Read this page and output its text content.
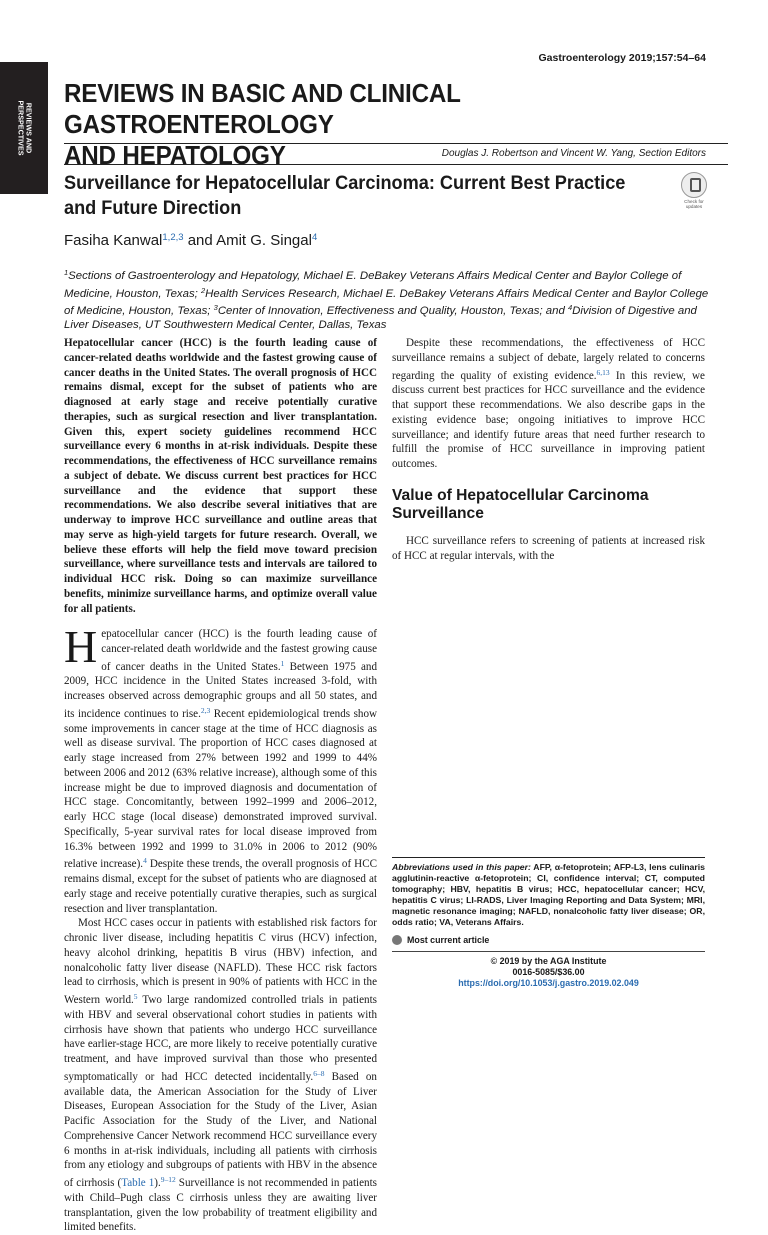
REVIEWS AND
PERSPECTIVES
Gastroenterology 2019;157:54–64
REVIEWS IN BASIC AND CLINICAL GASTROENTEROLOGY
AND HEPATOLOGY	Douglas J. Robertson and Vincent W. Yang, Section Editors
Surveillance for Hepatocellular Carcinoma: Current Best Practice
and Future Direction	Check for updates
Fasiha Kanwal$^{1,2,3}$ and Amit G. Singal$^4$
$^1$Sections of Gastroenterology and Hepatology, Michael E. DeBakey Veterans Affairs Medical Center and Baylor College of Medicine, Houston, Texas; $^2$Health Services Research, Michael E. DeBakey Veterans Affairs Medical Center and Baylor College of Medicine, Houston, Texas; $^3$Center of Innovation, Effectiveness and Quality, Houston, Texas; and $^4$Division of Digestive and Liver Diseases, UT Southwestern Medical Center, Dallas, Texas

Hepatocellular cancer (HCC) is the fourth leading cause of cancer-related deaths worldwide and the fastest growing cause of cancer deaths in the United States. The overall prognosis of HCC remains dismal, except for the subset of patients who are diagnosed at early stage and receive potentially curative therapies, such as surgical resection and liver transplantation. Given this, expert society guidelines recommend HCC surveillance every 6 months in at-risk individuals. Despite these recommendations, the effectiveness of HCC surveillance remains a subject of debate. We discuss current best practices for HCC surveillance and the evidence that support these recommendations. We also describe several initiatives that are underway to improve HCC surveillance and outline areas that may serve as high-yield targets for future research. Overall, we believe these efforts will help the field move toward precision surveillance, where surveillance tests and intervals are tailored to individual HCC risk. Doing so can maximize surveillance benefits, minimize surveillance harms, and optimize overall value for all patients.

H epatocellular cancer (HCC) is the fourth leading cause of cancer-related death worldwide and the fastest growing cause of cancer deaths in the United States.$^1$ Between 1975 and 2009, HCC incidence in the United States increased 3-fold, with increases observed across demographic groups and all 50 states, and its incidence continues to rise.$^{2,3}$ Recent epidemiological trends show some improvements in cancer stage at the time of HCC diagnosis as well as disease survival. The proportion of HCC cases diagnosed at early stage increased from 27% between 1992 and 1999 to 44% between 2006 and 2012 (63% relative increase), although some of this increase might be due to improved diagnosis and documentation of HCC stage. Concomitantly, between 1992–1999 and 2006–2012, early HCC stage (local disease) demonstrated improved survival. Specifically, 5-year survival rates for local disease improved from 16.3% between 1992 and 1999 to 31.0% in 2006 to 2012 (90% relative increase).$^4$ Despite these trends, the overall prognosis of HCC remains dismal, except for the subset of patients who are diagnosed at early stage and receive potentially curative therapies, such as surgical resection and liver transplantation.

Most HCC cases occur in patients with established risk factors for chronic liver disease, including hepatitis C virus (HCV) infection, heavy alcohol drinking, hepatitis B virus (HBV) infection, and nonalcoholic fatty liver disease (NAFLD). These HCC risk factors lead to cirrhosis, which is present in 90% of patients with HCC in the Western world.$^5$ Two large randomized controlled trials in patients with HBV and several observational cohort studies in patients with cirrhosis have shown that patients who undergo HCC surveillance have earlier-stage HCC, are more likely to receive potentially curative treatment, and have improved survival than those who presented symptomatically or had HCC detected incidentally.$^{6-8}$ Based on available data, the American Association for the Study of Liver Diseases, European Association for the Study of the Liver, Asian Pacific Association for the Study of the Liver, and National Comprehensive Cancer Network recommend HCC surveillance every 6 months in at-risk individuals, including all patients with cirrhosis from any etiology and subgroups of patients with HBV in the absence of cirrhosis (Table 1).$^{9-12}$ Surveillance is not recommended in patients with Child–Pugh class C cirrhosis unless they are awaiting liver transplantation, given the low probability of treatment eligibility and limited benefits.

Despite these recommendations, the effectiveness of HCC surveillance remains a subject of debate, largely related to concerns regarding the quality of existing evidence.$^{6,13}$ In this review, we discuss current best practices for HCC surveillance and the evidence that support these recommendations. We also describe gaps in the existing evidence base; ongoing initiatives to improve HCC surveillance; and identify future areas that need further research to fulfill the promise of HCC surveillance in improving patient outcomes.

Value of Hepatocellular Carcinoma Surveillance

HCC surveillance refers to screening of patients at increased risk of HCC at regular intervals, with the

Abbreviations used in this paper: AFP, α-fetoprotein; AFP-L3, lens culinaris agglutinin-reactive α-fetoprotein; CI, confidence interval; CT, computed tomography; HBV, hepatitis B virus; HCC, hepatocellular cancer; HCV, hepatitis C virus; LI-RADS, Liver Imaging Reporting and Data System; MRI, magnetic resonance imaging; NAFLD, nonalcoholic fatty liver disease; OR, odds ratio; VA, Veterans Affairs.

Most current article
© 2019 by the AGA Institute
0016-5085/$36.00
https://doi.org/10.1053/j.gastro.2019.02.049
